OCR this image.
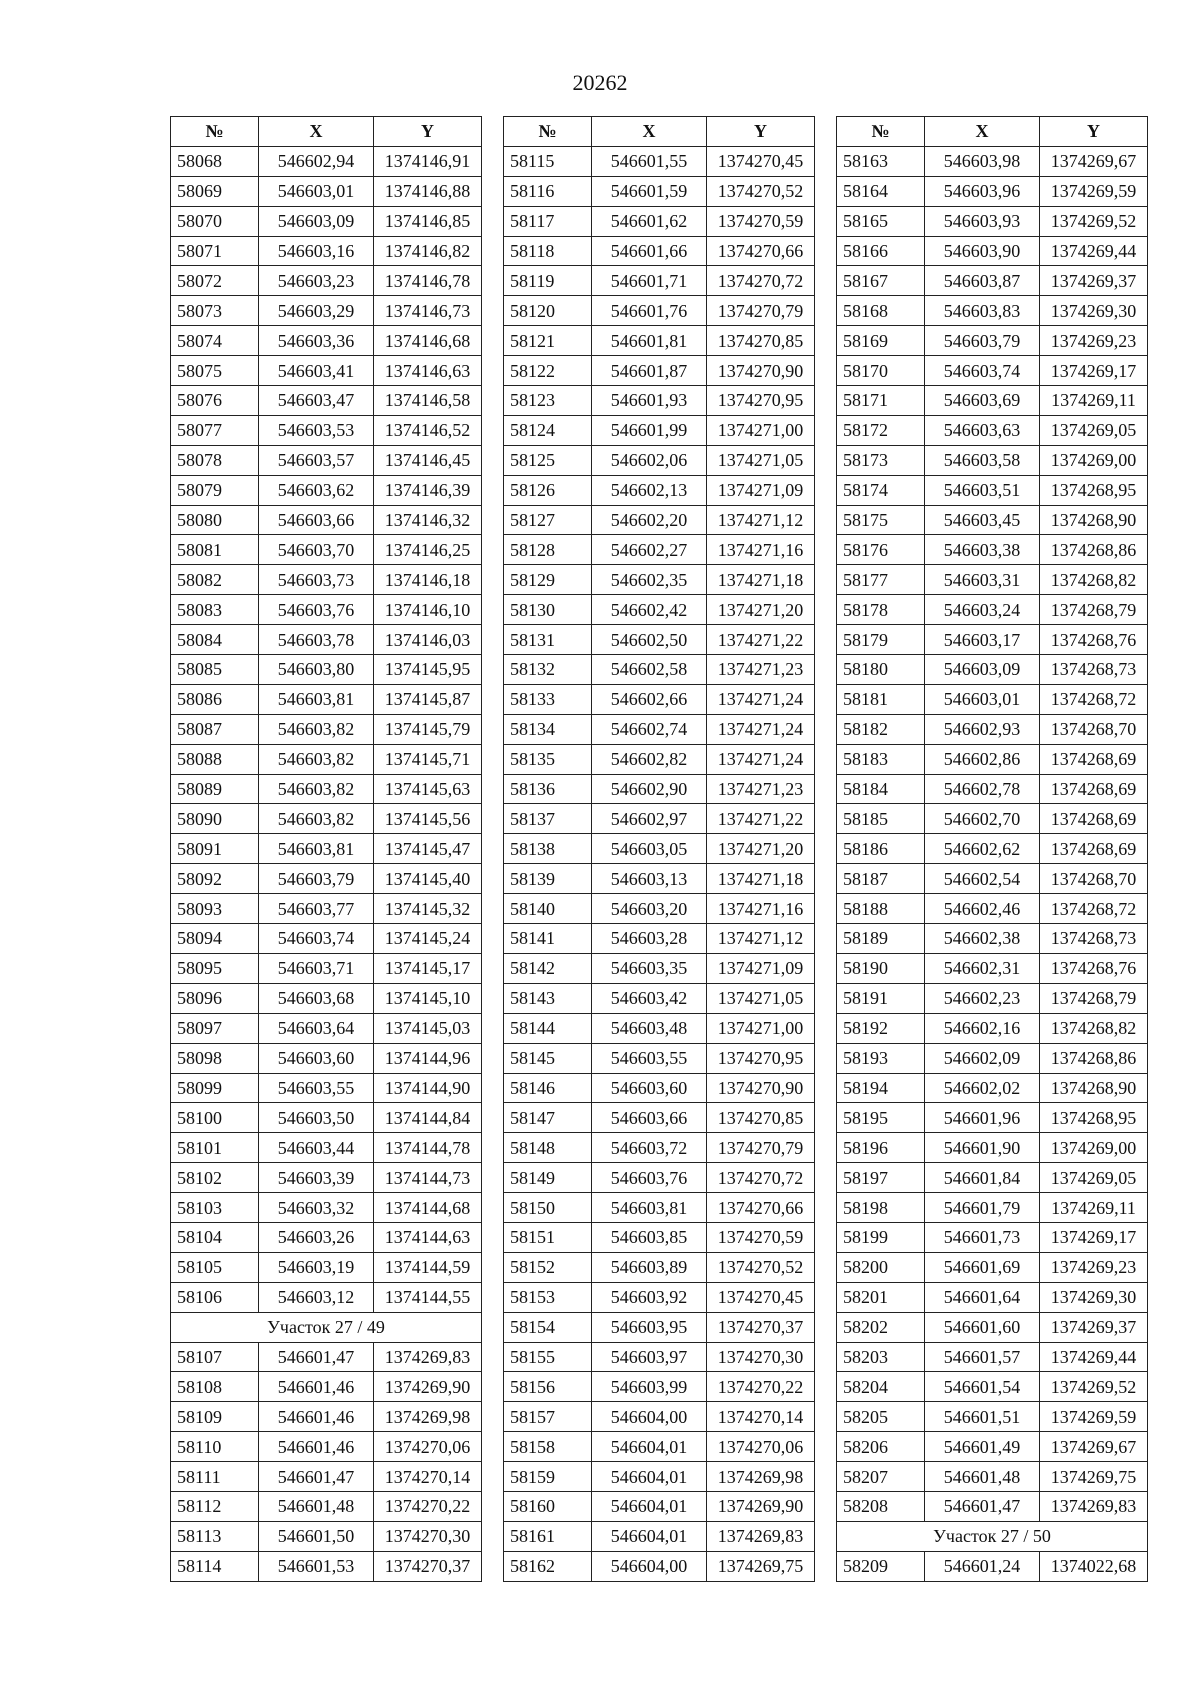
20262
№	X	Y
58068	546602,94	1374146,91
58069	546603,01	1374146,88
58070	546603,09	1374146,85
58071	546603,16	1374146,82
58072	546603,23	1374146,78
58073	546603,29	1374146,73
58074	546603,36	1374146,68
58075	546603,41	1374146,63
58076	546603,47	1374146,58
58077	546603,53	1374146,52
58078	546603,57	1374146,45
58079	546603,62	1374146,39
58080	546603,66	1374146,32
58081	546603,70	1374146,25
58082	546603,73	1374146,18
58083	546603,76	1374146,10
58084	546603,78	1374146,03
58085	546603,80	1374145,95
58086	546603,81	1374145,87
58087	546603,82	1374145,79
58088	546603,82	1374145,71
58089	546603,82	1374145,63
58090	546603,82	1374145,56
58091	546603,81	1374145,47
58092	546603,79	1374145,40
58093	546603,77	1374145,32
58094	546603,74	1374145,24
58095	546603,71	1374145,17
58096	546603,68	1374145,10
58097	546603,64	1374145,03
58098	546603,60	1374144,96
58099	546603,55	1374144,90
58100	546603,50	1374144,84
58101	546603,44	1374144,78
58102	546603,39	1374144,73
58103	546603,32	1374144,68
58104	546603,26	1374144,63
58105	546603,19	1374144,59
58106	546603,12	1374144,55
Участок 27 / 49		
58107	546601,47	1374269,83
58108	546601,46	1374269,90
58109	546601,46	1374269,98
58110	546601,46	1374270,06
58111	546601,47	1374270,14
58112	546601,48	1374270,22
58113	546601,50	1374270,30
58114	546601,53	1374270,37
№	X	Y
58115	546601,55	1374270,45
58116	546601,59	1374270,52
58117	546601,62	1374270,59
58118	546601,66	1374270,66
58119	546601,71	1374270,72
58120	546601,76	1374270,79
58121	546601,81	1374270,85
58122	546601,87	1374270,90
58123	546601,93	1374270,95
58124	546601,99	1374271,00
58125	546602,06	1374271,05
58126	546602,13	1374271,09
58127	546602,20	1374271,12
58128	546602,27	1374271,16
58129	546602,35	1374271,18
58130	546602,42	1374271,20
58131	546602,50	1374271,22
58132	546602,58	1374271,23
58133	546602,66	1374271,24
58134	546602,74	1374271,24
58135	546602,82	1374271,24
58136	546602,90	1374271,23
58137	546602,97	1374271,22
58138	546603,05	1374271,20
58139	546603,13	1374271,18
58140	546603,20	1374271,16
58141	546603,28	1374271,12
58142	546603,35	1374271,09
58143	546603,42	1374271,05
58144	546603,48	1374271,00
58145	546603,55	1374270,95
58146	546603,60	1374270,90
58147	546603,66	1374270,85
58148	546603,72	1374270,79
58149	546603,76	1374270,72
58150	546603,81	1374270,66
58151	546603,85	1374270,59
58152	546603,89	1374270,52
58153	546603,92	1374270,45
58154	546603,95	1374270,37
58155	546603,97	1374270,30
58156	546603,99	1374270,22
58157	546604,00	1374270,14
58158	546604,01	1374270,06
58159	546604,01	1374269,98
58160	546604,01	1374269,90
58161	546604,01	1374269,83
58162	546604,00	1374269,75
№	X	Y
58163	546603,98	1374269,67
58164	546603,96	1374269,59
58165	546603,93	1374269,52
58166	546603,90	1374269,44
58167	546603,87	1374269,37
58168	546603,83	1374269,30
58169	546603,79	1374269,23
58170	546603,74	1374269,17
58171	546603,69	1374269,11
58172	546603,63	1374269,05
58173	546603,58	1374269,00
58174	546603,51	1374268,95
58175	546603,45	1374268,90
58176	546603,38	1374268,86
58177	546603,31	1374268,82
58178	546603,24	1374268,79
58179	546603,17	1374268,76
58180	546603,09	1374268,73
58181	546603,01	1374268,72
58182	546602,93	1374268,70
58183	546602,86	1374268,69
58184	546602,78	1374268,69
58185	546602,70	1374268,69
58186	546602,62	1374268,69
58187	546602,54	1374268,70
58188	546602,46	1374268,72
58189	546602,38	1374268,73
58190	546602,31	1374268,76
58191	546602,23	1374268,79
58192	546602,16	1374268,82
58193	546602,09	1374268,86
58194	546602,02	1374268,90
58195	546601,96	1374268,95
58196	546601,90	1374269,00
58197	546601,84	1374269,05
58198	546601,79	1374269,11
58199	546601,73	1374269,17
58200	546601,69	1374269,23
58201	546601,64	1374269,30
58202	546601,60	1374269,37
58203	546601,57	1374269,44
58204	546601,54	1374269,52
58205	546601,51	1374269,59
58206	546601,49	1374269,67
58207	546601,48	1374269,75
58208	546601,47	1374269,83
Участок 27 / 50		
58209	546601,24	1374022,68
